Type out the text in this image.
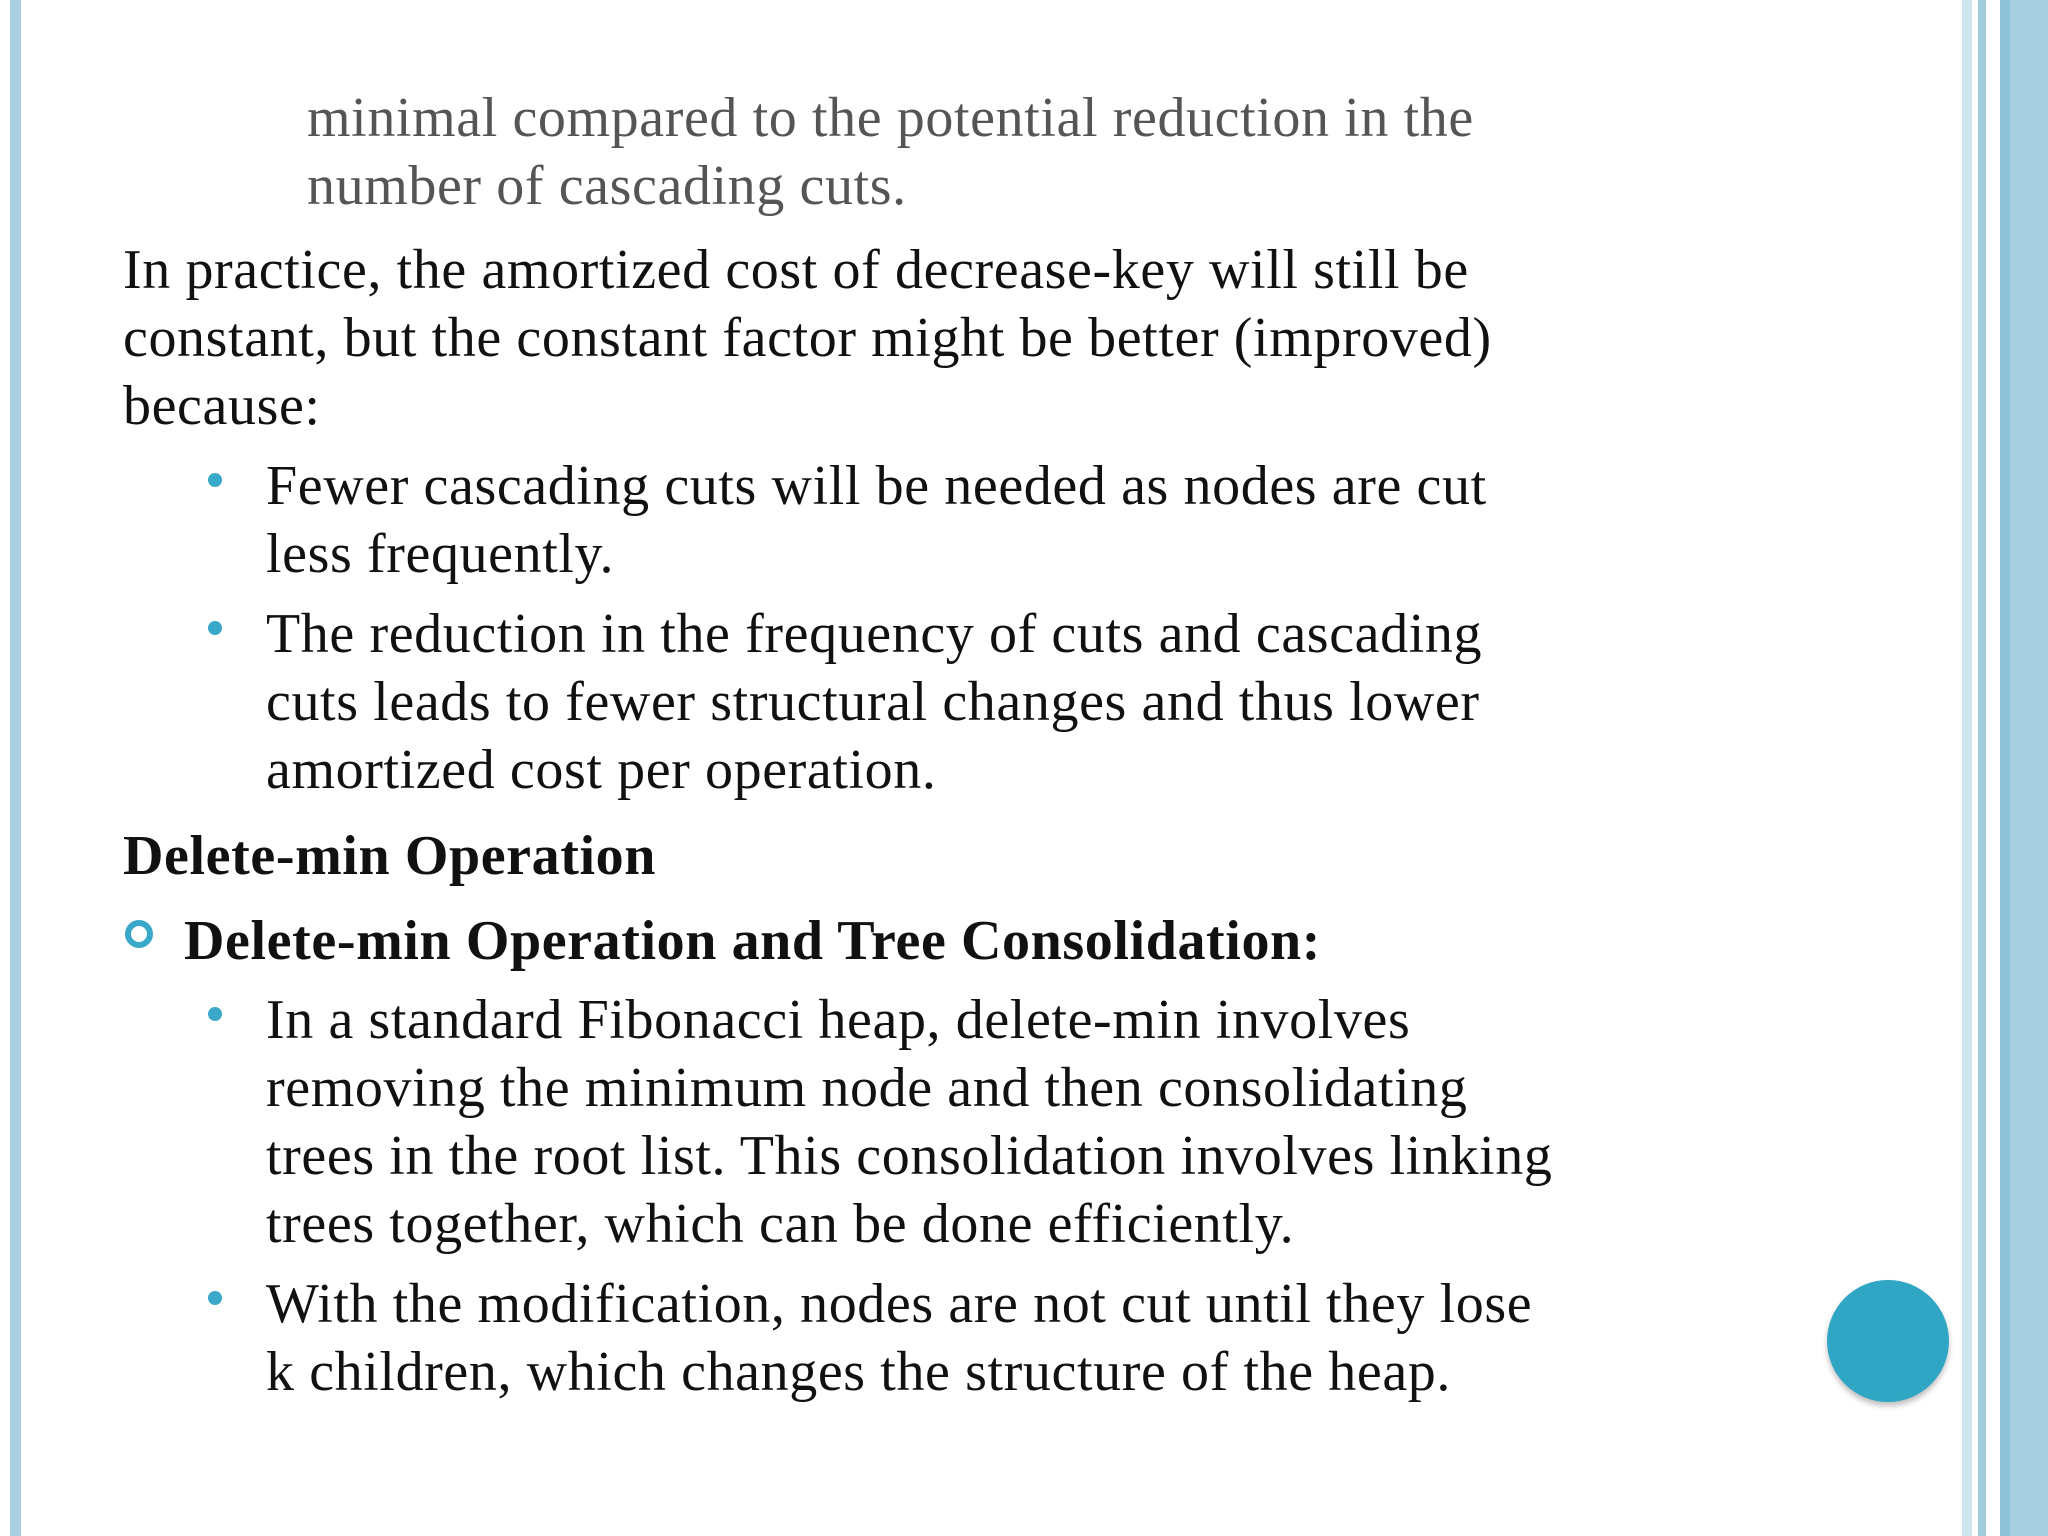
minimal compared to the potential reduction in the
number of cascading cuts.
In practice, the amortized cost of decrease-key will still be
constant, but the constant factor might be better (improved)
because:
Fewer cascading cuts will be needed as nodes are cut
less frequently.
The reduction in the frequency of cuts and cascading
cuts leads to fewer structural changes and thus lower
amortized cost per operation.
Delete-min Operation
Delete-min Operation and Tree Consolidation:
In a standard Fibonacci heap, delete-min involves
removing the minimum node and then consolidating
trees in the root list. This consolidation involves linking
trees together, which can be done efficiently.
With the modification, nodes are not cut until they lose
k children, which changes the structure of the heap.
